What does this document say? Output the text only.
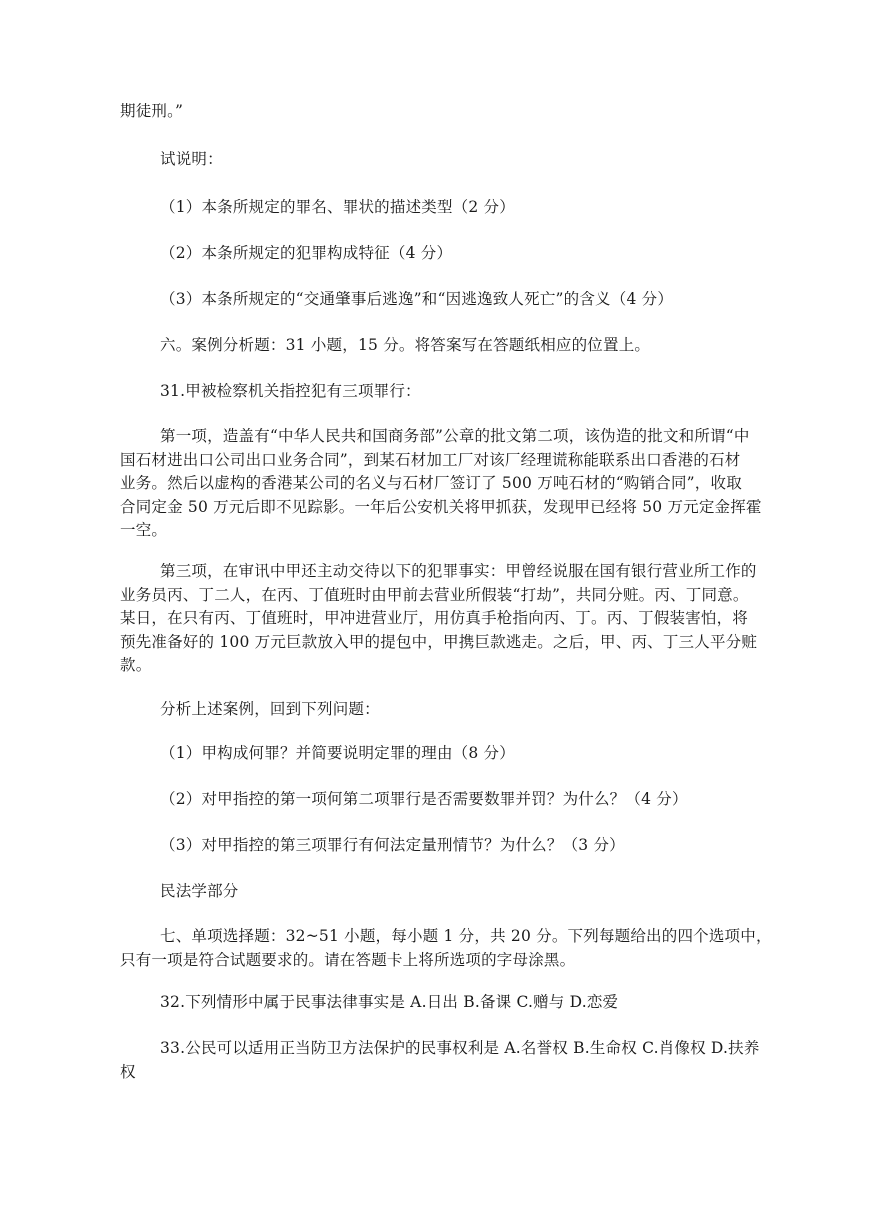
期徒刑。”
试说明：
（1）本条所规定的罪名、罪状的描述类型（2 分）
（2）本条所规定的犯罪构成特征（4 分）
（3）本条所规定的“交通肇事后逃逸”和“因逃逸致人死亡”的含义（4 分）
六。案例分析题：31 小题，15 分。将答案写在答题纸相应的位置上。
31.甲被检察机关指控犯有三项罪行：
第一项，造盖有“中华人民共和国商务部”公章的批文第二项，该伪造的批文和所谓“中
国石材进出口公司出口业务合同”，到某石材加工厂对该厂经理谎称能联系出口香港的石材
业务。然后以虚构的香港某公司的名义与石材厂签订了 500 万吨石材的“购销合同”，收取
合同定金 50 万元后即不见踪影。一年后公安机关将甲抓获，发现甲已经将 50 万元定金挥霍
一空。
第三项，在审讯中甲还主动交待以下的犯罪事实：甲曾经说服在国有银行营业所工作的
业务员丙、丁二人，在丙、丁值班时由甲前去营业所假装“打劫”，共同分赃。丙、丁同意。
某日，在只有丙、丁值班时，甲冲进营业厅，用仿真手枪指向丙、丁。丙、丁假装害怕，将
预先准备好的 100 万元巨款放入甲的提包中，甲携巨款逃走。之后，甲、丙、丁三人平分赃
款。
分析上述案例，回到下列问题：
（1）甲构成何罪？并简要说明定罪的理由（8 分）
（2）对甲指控的第一项何第二项罪行是否需要数罪并罚？为什么？（4 分）
（3）对甲指控的第三项罪行有何法定量刑情节？为什么？（3 分）
民法学部分
七、单项选择题：32~51 小题，每小题 1 分，共 20 分。下列每题给出的四个选项中，
只有一项是符合试题要求的。请在答题卡上将所选项的字母涂黑。
32.下列情形中属于民事法律事实是 A.日出 B.备课 C.赠与 D.恋爱
33.公民可以适用正当防卫方法保护的民事权利是 A.名誉权 B.生命权 C.肖像权 D.扶养
权
